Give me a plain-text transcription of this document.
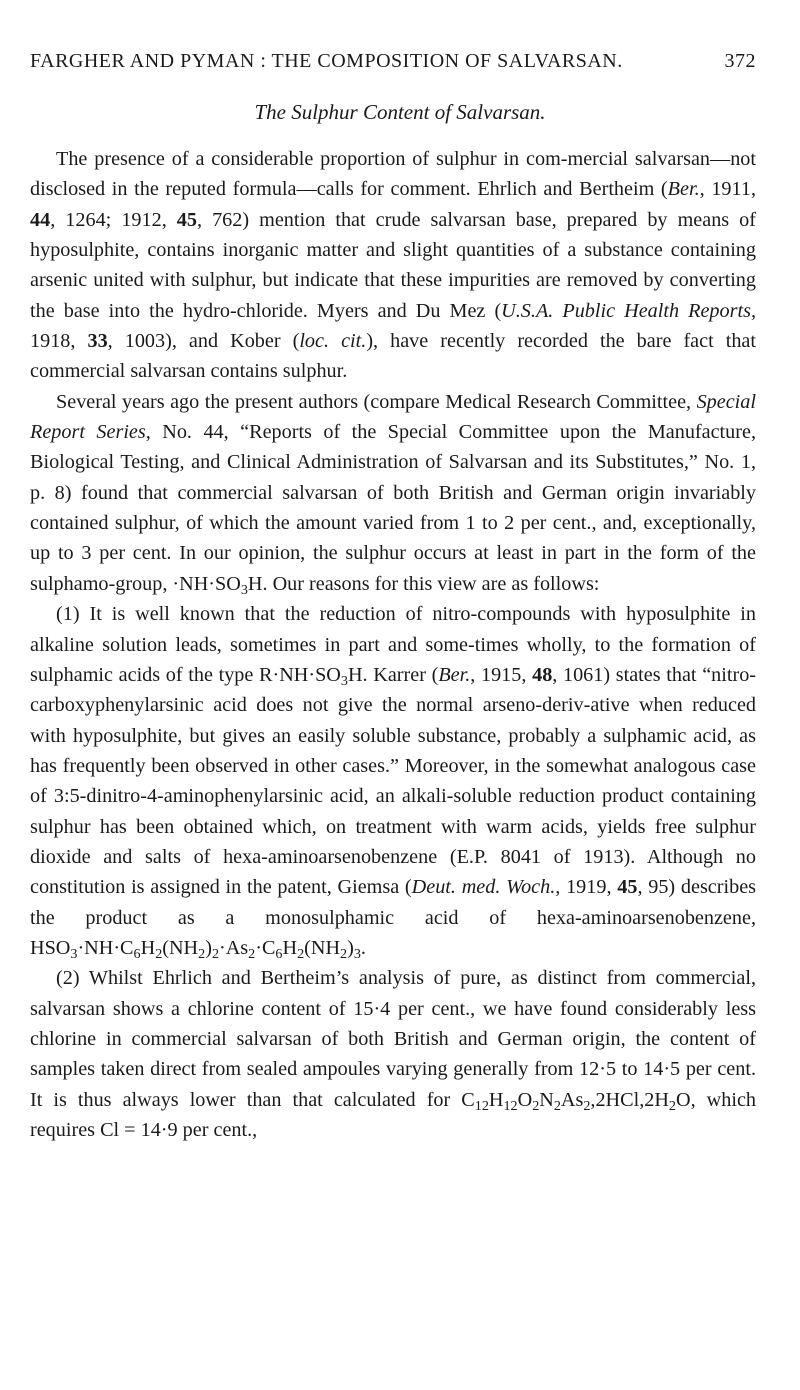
FARGHER AND PYMAN : THE COMPOSITION OF SALVARSAN.	372
The Sulphur Content of Salvarsan.

The presence of a considerable proportion of sulphur in com-mercial salvarsan—not disclosed in the reputed formula—calls for comment. Ehrlich and Bertheim (Ber., 1911, 44, 1264; 1912, 45, 762) mention that crude salvarsan base, prepared by means of hyposulphite, contains inorganic matter and slight quantities of a substance containing arsenic united with sulphur, but indicate that these impurities are removed by converting the base into the hydro-chloride. Myers and Du Mez (U.S.A. Public Health Reports, 1918, 33, 1003), and Kober (loc. cit.), have recently recorded the bare fact that commercial salvarsan contains sulphur.

Several years ago the present authors (compare Medical Research Committee, Special Report Series, No. 44, “Reports of the Special Committee upon the Manufacture, Biological Testing, and Clinical Administration of Salvarsan and its Substitutes,” No. 1, p. 8) found that commercial salvarsan of both British and German origin invariably contained sulphur, of which the amount varied from 1 to 2 per cent., and, exceptionally, up to 3 per cent. In our opinion, the sulphur occurs at least in part in the form of the sulphamo-group, $\cdot NH\cdot SO_3H$. Our reasons for this view are as follows:

(1) It is well known that the reduction of nitro-compounds with hyposulphite in alkaline solution leads, sometimes in part and some-times wholly, to the formation of sulphamic acids of the type $R\cdot NH\cdot SO_3H$. Karrer (Ber., 1915, 48, 1061) states that “nitro-carboxyphenylarsinic acid does not give the normal arseno-deriv-ative when reduced with hyposulphite, but gives an easily soluble substance, probably a sulphamic acid, as has frequently been observed in other cases.” Moreover, in the somewhat analogous case of 3:5-dinitro-4-aminophenylarsinic acid, an alkali-soluble reduction product containing sulphur has been obtained which, on treatment with warm acids, yields free sulphur dioxide and salts of hexa-aminoarsenobenzene (E.P. 8041 of 1913). Although no constitution is assigned in the patent, Giemsa (Deut. med. Woch., 1919, 45, 95) describes the product as a monosulphamic acid of hexa-aminoarsenobenzene, $HSO_3\cdot NH\cdot C_6H_2(NH_2)_2\cdot As_2\cdot C_6H_2(NH_2)_3$.

(2) Whilst Ehrlich and Bertheim’s analysis of pure, as distinct from commercial, salvarsan shows a chlorine content of 15·4 per cent., we have found considerably less chlorine in commercial salvarsan of both British and German origin, the content of samples taken direct from sealed ampoules varying generally from 12·5 to 14·5 per cent. It is thus always lower than that calculated for $C_{12}H_{12}O_2N_2As_2,2HCl,2H_2O$, which requires Cl = 14·9 per cent.,
